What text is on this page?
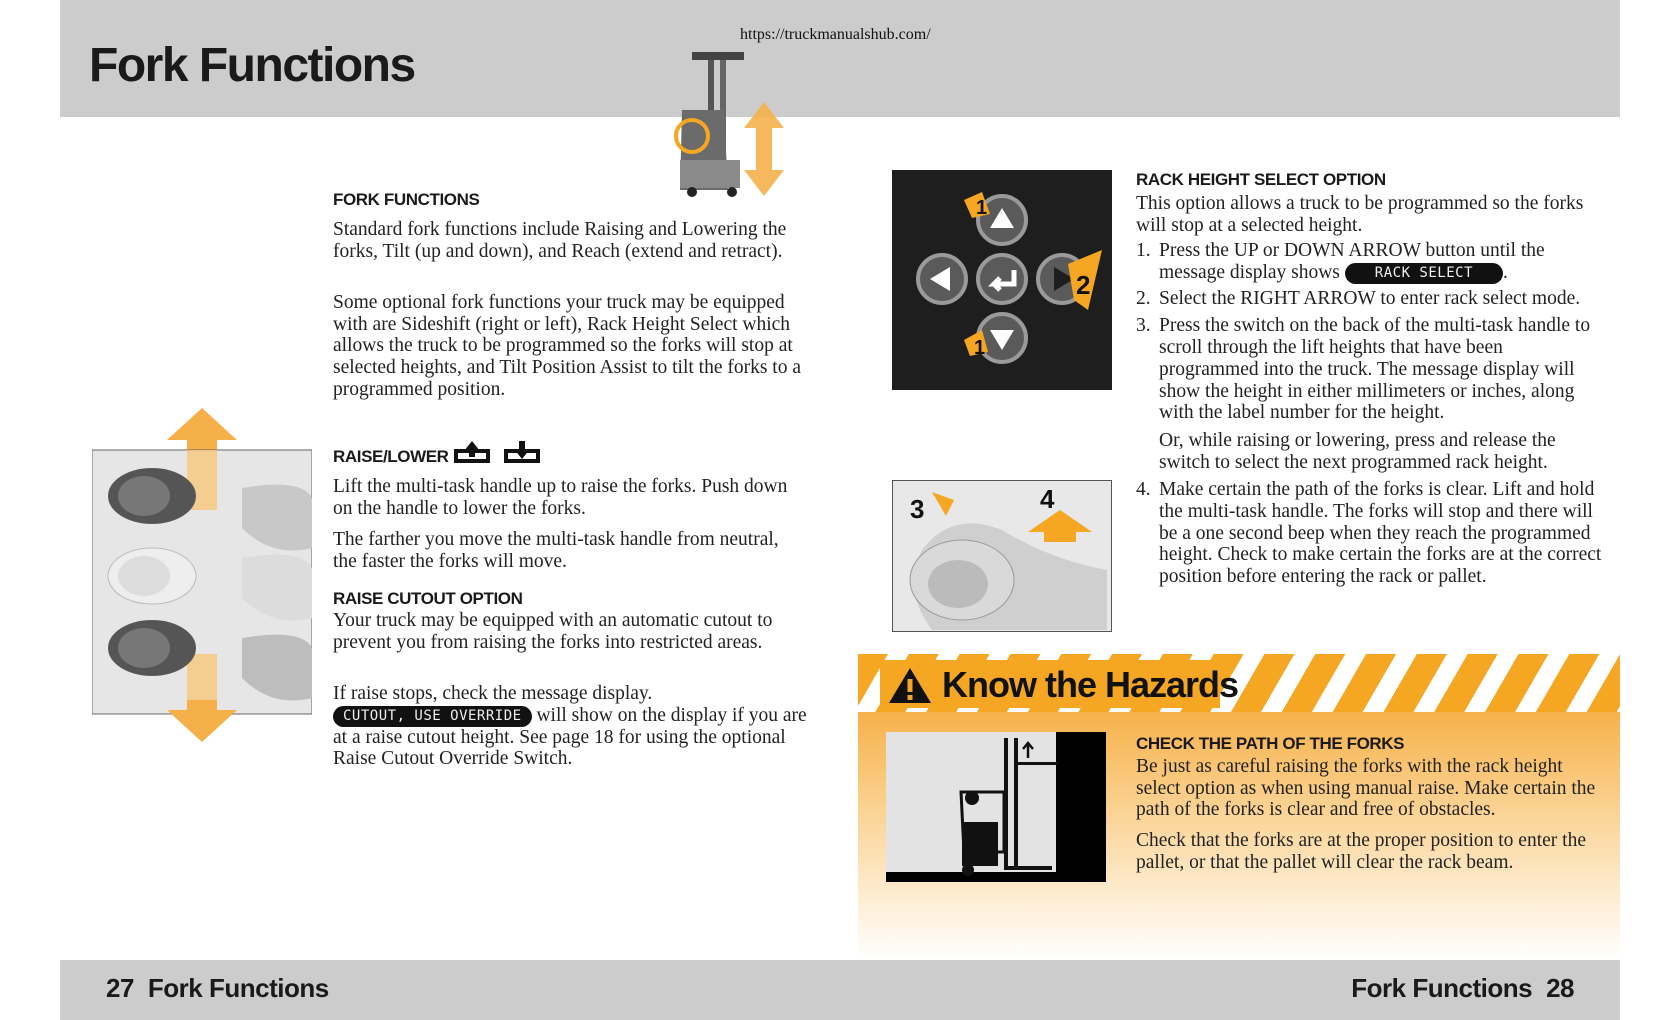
Fork Functions
https://truckmanualshub.com/
FORK FUNCTIONS

Standard fork functions include Raising and Lowering the forks, Tilt (up and down), and Reach (extend and retract).

Some optional fork functions your truck may be equipped with are Sideshift (right or left), Rack Height Select which allows the truck to be programmed so the forks will stop at selected heights, and Tilt Position Assist to tilt the forks to a programmed position.

RAISE/LOWER

Lift the multi-task handle up to raise the forks. Push down on the handle to lower the forks.

The farther you move the multi-task handle from neutral, the faster the forks will move.

RAISE CUTOUT OPTION

Your truck may be equipped with an automatic cutout to prevent you from raising the forks into restricted areas.

If raise stops, check the message display.
CUTOUT, USE OVERRIDE will show on the display if you are at a raise cutout height. See page 18 for using the optional Raise Cutout Override Switch.
1
1
2
3	4
RACK HEIGHT SELECT OPTION

This option allows a truck to be programmed so the forks will stop at a selected height.

1. Press the UP or DOWN ARROW button until the message display shows RACK SELECT .
2. Select the RIGHT ARROW to enter rack select mode.
3. Press the switch on the back of the multi-task handle to scroll through the lift heights that have been programmed into the truck. The message display will show the height in either millimeters or inches, along with the label number for the height.
Or, while raising or lowering, press and release the switch to select the next programmed rack height.
4. Make certain the path of the forks is clear. Lift and hold the multi-task handle. The forks will stop and there will be a one second beep when they reach the programmed height. Check to make certain the forks are at the correct position before entering the rack or pallet.
Know the Hazards
CHECK THE PATH OF THE FORKS

Be just as careful raising the forks with the rack height select option as when using manual raise. Make certain the path of the forks is clear and free of obstacles.

Check that the forks are at the proper position to enter the pallet, or that the pallet will clear the rack beam.

27 Fork Functions	Fork Functions 28
